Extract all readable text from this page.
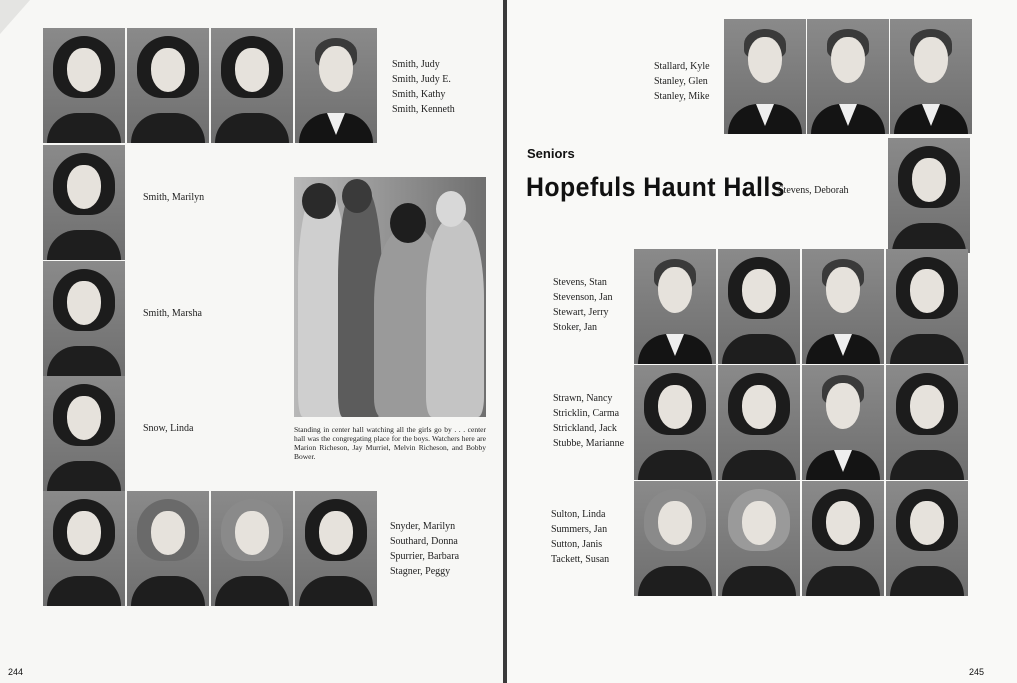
Smith, Judy
Smith, Judy E.
Smith, Kathy
Smith, Kenneth
Smith, Marilyn
Smith, Marsha
Snow, Linda	Standing in center hall watching all the girls go by . . . center hall was the congregating place for the boys. Watchers here are Marion Richeson, Jay Murriel, Melvin Richeson, and Bobby Bower.
Snyder, Marilyn
Southard, Donna
Spurrier, Barbara
Stagner, Peggy
244
Stallard, Kyle
Stanley, Glen
Stanley, Mike
Stevens, Deborah
Stevens, Stan
Stevenson, Jan
Stewart, Jerry
Stoker, Jan
Strawn, Nancy
Stricklin, Carma
Strickland, Jack
Stubbe, Marianne
Sulton, Linda
Summers, Jan
Sutton, Janis
Tackett, Susan
245
Seniors
Hopefuls Haunt Halls
